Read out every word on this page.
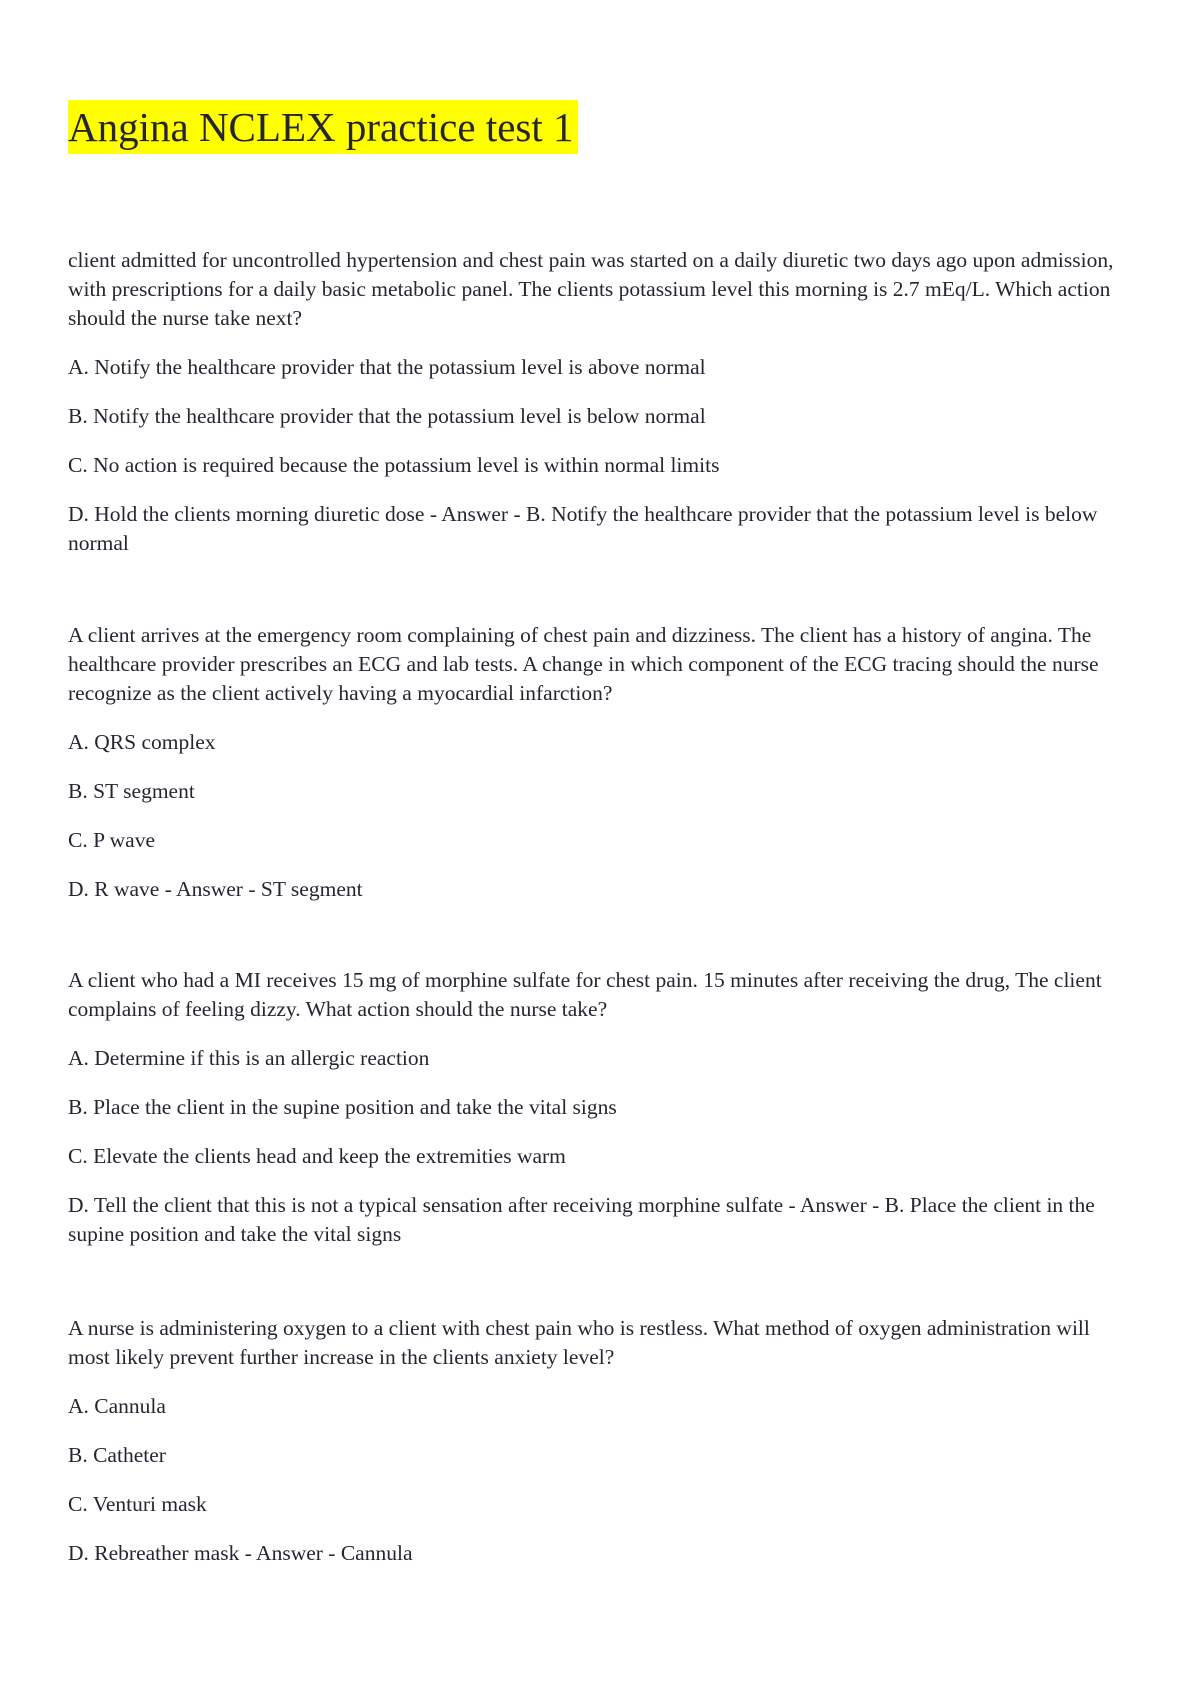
Angina NCLEX practice test 1

client admitted for uncontrolled hypertension and chest pain was started on a daily diuretic two days ago upon admission, with prescriptions for a daily basic metabolic panel. The clients potassium level this morning is 2.7 mEq/L. Which action should the nurse take next?

A. Notify the healthcare provider that the potassium level is above normal

B. Notify the healthcare provider that the potassium level is below normal

C. No action is required because the potassium level is within normal limits

D. Hold the clients morning diuretic dose - Answer - B. Notify the healthcare provider that the potassium level is below normal

A client arrives at the emergency room complaining of chest pain and dizziness. The client has a history of angina. The healthcare provider prescribes an ECG and lab tests. A change in which component of the ECG tracing should the nurse recognize as the client actively having a myocardial infarction?

A. QRS complex

B. ST segment

C. P wave

D. R wave - Answer - ST segment

A client who had a MI receives 15 mg of morphine sulfate for chest pain. 15 minutes after receiving the drug, The client complains of feeling dizzy. What action should the nurse take?

A. Determine if this is an allergic reaction

B. Place the client in the supine position and take the vital signs

C. Elevate the clients head and keep the extremities warm

D. Tell the client that this is not a typical sensation after receiving morphine sulfate - Answer - B. Place the client in the supine position and take the vital signs

A nurse is administering oxygen to a client with chest pain who is restless. What method of oxygen administration will most likely prevent further increase in the clients anxiety level?

A. Cannula

B. Catheter

C. Venturi mask

D. Rebreather mask - Answer - Cannula
